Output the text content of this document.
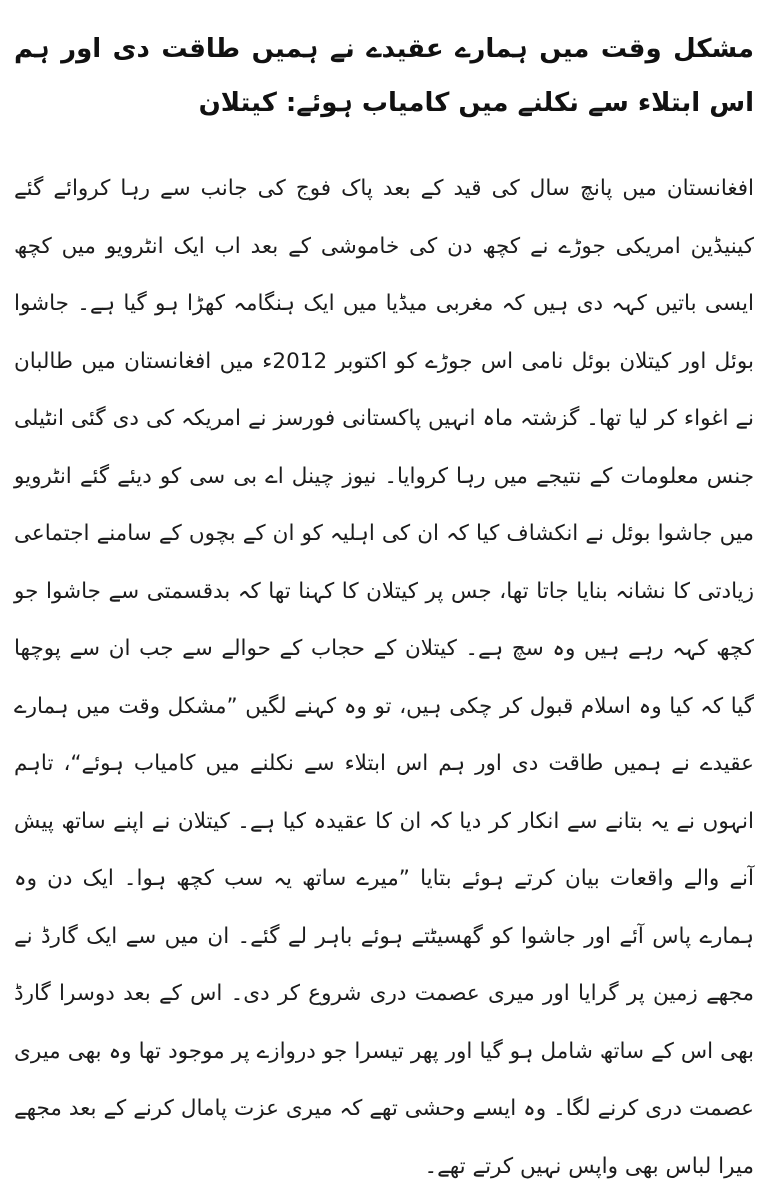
مشکل وقت میں ہمارے عقیدے نے ہمیں طاقت دی اور ہم اس ابتلاء سے نکلنے میں کامیاب ہوئے: کیتلان

افغانستان میں پانچ سال کی قید کے بعد پاک فوج کی جانب سے رہا کروائے گئے کینیڈین امریکی جوڑے نے کچھ دن کی خاموشی کے بعد اب ایک انٹرویو میں کچھ ایسی باتیں کہہ دی ہیں کہ مغربی میڈیا میں ایک ہنگامہ کھڑا ہو گیا ہے۔ جاشوا بوئل اور کیتلان بوئل نامی اس جوڑے کو اکتوبر 2012ء میں افغانستان میں طالبان نے اغواء کر لیا تھا۔ گزشتہ ماہ انہیں پاکستانی فورسز نے امریکہ کی دی گئی انٹیلی جنس معلومات کے نتیجے میں رہا کروایا۔ نیوز چینل اے بی سی کو دیئے گئے انٹرویو میں جاشوا بوئل نے انکشاف کیا کہ ان کی اہلیہ کو ان کے بچوں کے سامنے اجتماعی زیادتی کا نشانہ بنایا جاتا تھا، جس پر کیتلان کا کہنا تھا کہ بدقسمتی سے جاشوا جو کچھ کہہ رہے ہیں وہ سچ ہے۔ کیتلان کے حجاب کے حوالے سے جب ان سے پوچھا گیا کہ کیا وہ اسلام قبول کر چکی ہیں، تو وہ کہنے لگیں ”مشکل وقت میں ہمارے عقیدے نے ہمیں طاقت دی اور ہم اس ابتلاء سے نکلنے میں کامیاب ہوئے“، تاہم انہوں نے یہ بتانے سے انکار کر دیا کہ ان کا عقیدہ کیا ہے۔ کیتلان نے اپنے ساتھ پیش آنے والے واقعات بیان کرتے ہوئے بتایا ”میرے ساتھ یہ سب کچھ ہوا۔ ایک دن وہ ہمارے پاس آئے اور جاشوا کو گھسیٹتے ہوئے باہر لے گئے۔ ان میں سے ایک گارڈ نے مجھے زمین پر گرایا اور میری عصمت دری شروع کر دی۔ اس کے بعد دوسرا گارڈ بھی اس کے ساتھ شامل ہو گیا اور پھر تیسرا جو دروازے پر موجود تھا وہ بھی میری عصمت دری کرنے لگا۔ وہ ایسے وحشی تھے کہ میری عزت پامال کرنے کے بعد مجھے میرا لباس بھی واپس نہیں کرتے تھے۔
